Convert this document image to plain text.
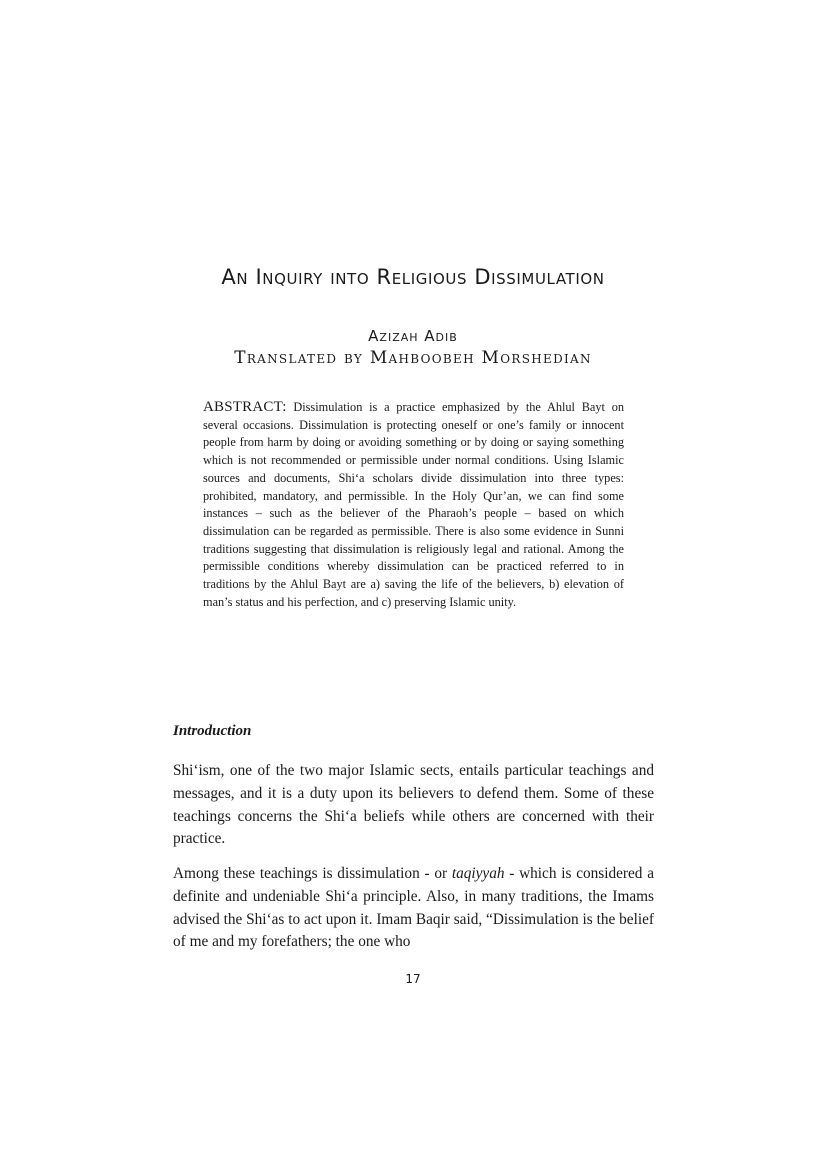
An Inquiry into Religious Dissimulation
Azizah Adib
Translated by Mahboobeh Morshedian

ABSTRACT: Dissimulation is a practice emphasized by the Ahlul Bayt on several occasions. Dissimulation is protecting oneself or one’s family or innocent people from harm by doing or avoiding something or by doing or saying something which is not recommended or permissible under normal conditions. Using Islamic sources and documents, Shi‘a scholars divide dissimulation into three types: prohibited, mandatory, and permissible. In the Holy Qur’an, we can find some instances – such as the believer of the Pharaoh’s people – based on which dissimulation can be regarded as permissible. There is also some evidence in Sunni traditions suggesting that dissimulation is religiously legal and rational. Among the permissible conditions whereby dissimulation can be practiced referred to in traditions by the Ahlul Bayt are a) saving the life of the believers, b) elevation of man’s status and his perfection, and c) preserving Islamic unity.

Introduction

Shi‘ism, one of the two major Islamic sects, entails particular teachings and messages, and it is a duty upon its believers to defend them. Some of these teachings concerns the Shi‘a beliefs while others are concerned with their practice.

Among these teachings is dissimulation - or taqiyyah - which is considered a definite and undeniable Shi‘a principle. Also, in many traditions, the Imams advised the Shi‘as to act upon it. Imam Baqir said, “Dissimulation is the belief of me and my forefathers; the one who

17
